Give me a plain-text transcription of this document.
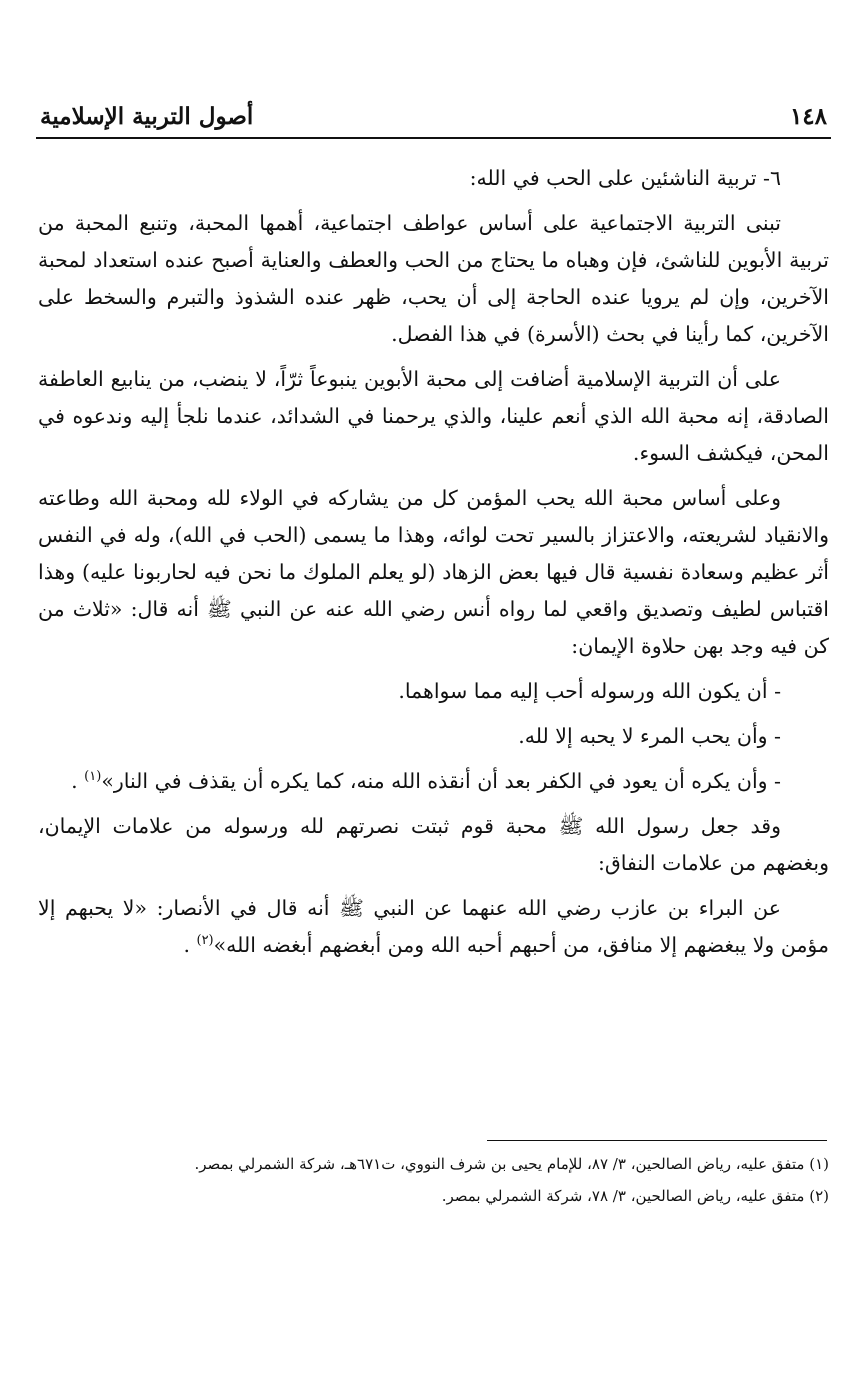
١٤٨
أصول التربية الإسلامية

٦- تربية الناشئين على الحب في الله:

تبنى التربية الاجتماعية على أساس عواطف اجتماعية، أهمها المحبة، وتنبع المحبة من تربية الأبوين للناشئ، فإن وهباه ما يحتاج من الحب والعطف والعناية أصبح عنده استعداد لمحبة الآخرين، وإن لم يرويا عنده الحاجة إلى أن يحب، ظهر عنده الشذوذ والتبرم والسخط على الآخرين، كما رأينا في بحث (الأسرة) في هذا الفصل.

على أن التربية الإسلامية أضافت إلى محبة الأبوين ينبوعاً ثرّاً، لا ينضب، من ينابيع العاطفة الصادقة، إنه محبة الله الذي أنعم علينا، والذي يرحمنا في الشدائد، عندما نلجأ إليه وندعوه في المحن، فيكشف السوء.

وعلى أساس محبة الله يحب المؤمن كل من يشاركه في الولاء لله ومحبة الله وطاعته والانقياد لشريعته، والاعتزاز بالسير تحت لوائه، وهذا ما يسمى (الحب في الله)، وله في النفس أثر عظيم وسعادة نفسية قال فيها بعض الزهاد (لو يعلم الملوك ما نحن فيه لحاربونا عليه) وهذا اقتباس لطيف وتصديق واقعي لما رواه أنس رضي الله عنه عن النبي ﷺ أنه قال: «ثلاث من كن فيه وجد بهن حلاوة الإيمان:

- أن يكون الله ورسوله أحب إليه مما سواهما.

- وأن يحب المرء لا يحبه إلا لله.

- وأن يكره أن يعود في الكفر بعد أن أنقذه الله منه، كما يكره أن يقذف في النار»$^{(١)}$ .

وقد جعل رسول الله ﷺ محبة قوم ثبتت نصرتهم لله ورسوله من علامات الإيمان، وبغضهم من علامات النفاق:

عن البراء بن عازب رضي الله عنهما عن النبي ﷺ أنه قال في الأنصار: «لا يحبهم إلا مؤمن ولا يبغضهم إلا منافق، من أحبهم أحبه الله ومن أبغضهم أبغضه الله»$^{(٢)}$ .

(١) متفق عليه، رياض الصالحين، ٣/ ٨٧، للإمام يحيى بن شرف النووي، ت٦٧١هـ، شركة الشمرلي بمصر.

(٢) متفق عليه، رياض الصالحين، ٣/ ٧٨، شركة الشمرلي بمصر.
